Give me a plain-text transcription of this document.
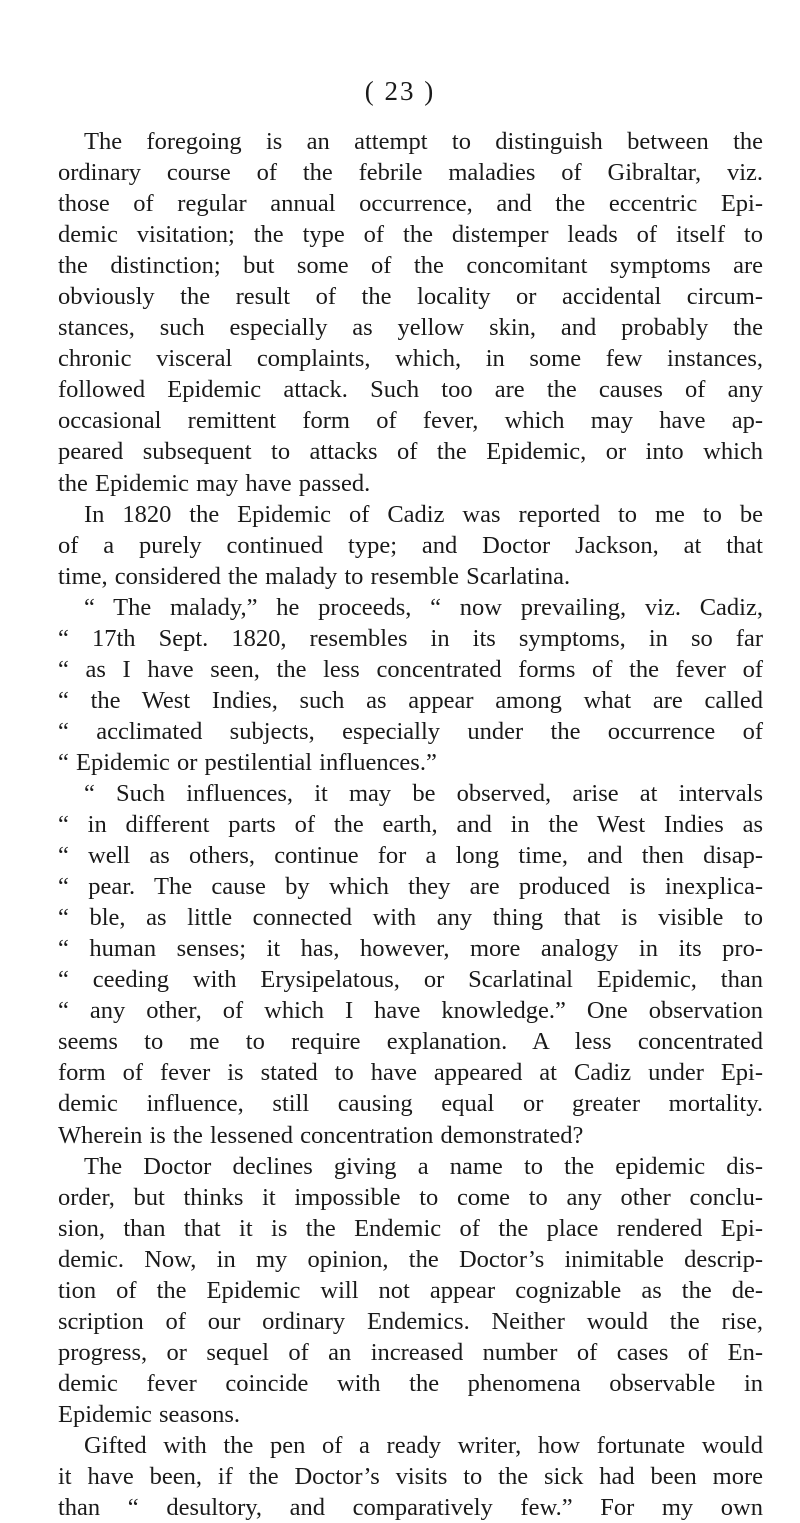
( 23 )
The foregoing is an attempt to distinguish between the
ordinary course of the febrile maladies of Gibraltar, viz.
those of regular annual occurrence, and the eccentric Epi-
demic visitation; the type of the distemper leads of itself to
the distinction; but some of the concomitant symptoms are
obviously the result of the locality or accidental circum-
stances, such especially as yellow skin, and probably the
chronic visceral complaints, which, in some few instances,
followed Epidemic attack. Such too are the causes of any
occasional remittent form of fever, which may have ap-
peared subsequent to attacks of the Epidemic, or into which
the Epidemic may have passed.
In 1820 the Epidemic of Cadiz was reported to me to be
of a purely continued type; and Doctor Jackson, at that
time, considered the malady to resemble Scarlatina.
“ The malady,” he proceeds, “ now prevailing, viz. Cadiz,
“ 17th Sept. 1820, resembles in its symptoms, in so far
“ as I have seen, the less concentrated forms of the fever of
“ the West Indies, such as appear among what are called
“ acclimated subjects, especially under the occurrence of
“ Epidemic or pestilential influences.”
“ Such influences, it may be observed, arise at intervals
“ in different parts of the earth, and in the West Indies as
“ well as others, continue for a long time, and then disap-
“ pear. The cause by which they are produced is inexplica-
“ ble, as little connected with any thing that is visible to
“ human senses; it has, however, more analogy in its pro-
“ ceeding with Erysipelatous, or Scarlatinal Epidemic, than
“ any other, of which I have knowledge.” One observation
seems to me to require explanation. A less concentrated
form of fever is stated to have appeared at Cadiz under Epi-
demic influence, still causing equal or greater mortality.
Wherein is the lessened concentration demonstrated?
The Doctor declines giving a name to the epidemic dis-
order, but thinks it impossible to come to any other conclu-
sion, than that it is the Endemic of the place rendered Epi-
demic. Now, in my opinion, the Doctor’s inimitable descrip-
tion of the Epidemic will not appear cognizable as the de-
scription of our ordinary Endemics. Neither would the rise,
progress, or sequel of an increased number of cases of En-
demic fever coincide with the phenomena observable in
Epidemic seasons.
Gifted with the pen of a ready writer, how fortunate would
it have been, if the Doctor’s visits to the sick had been more
than “ desultory, and comparatively few.” For my own
